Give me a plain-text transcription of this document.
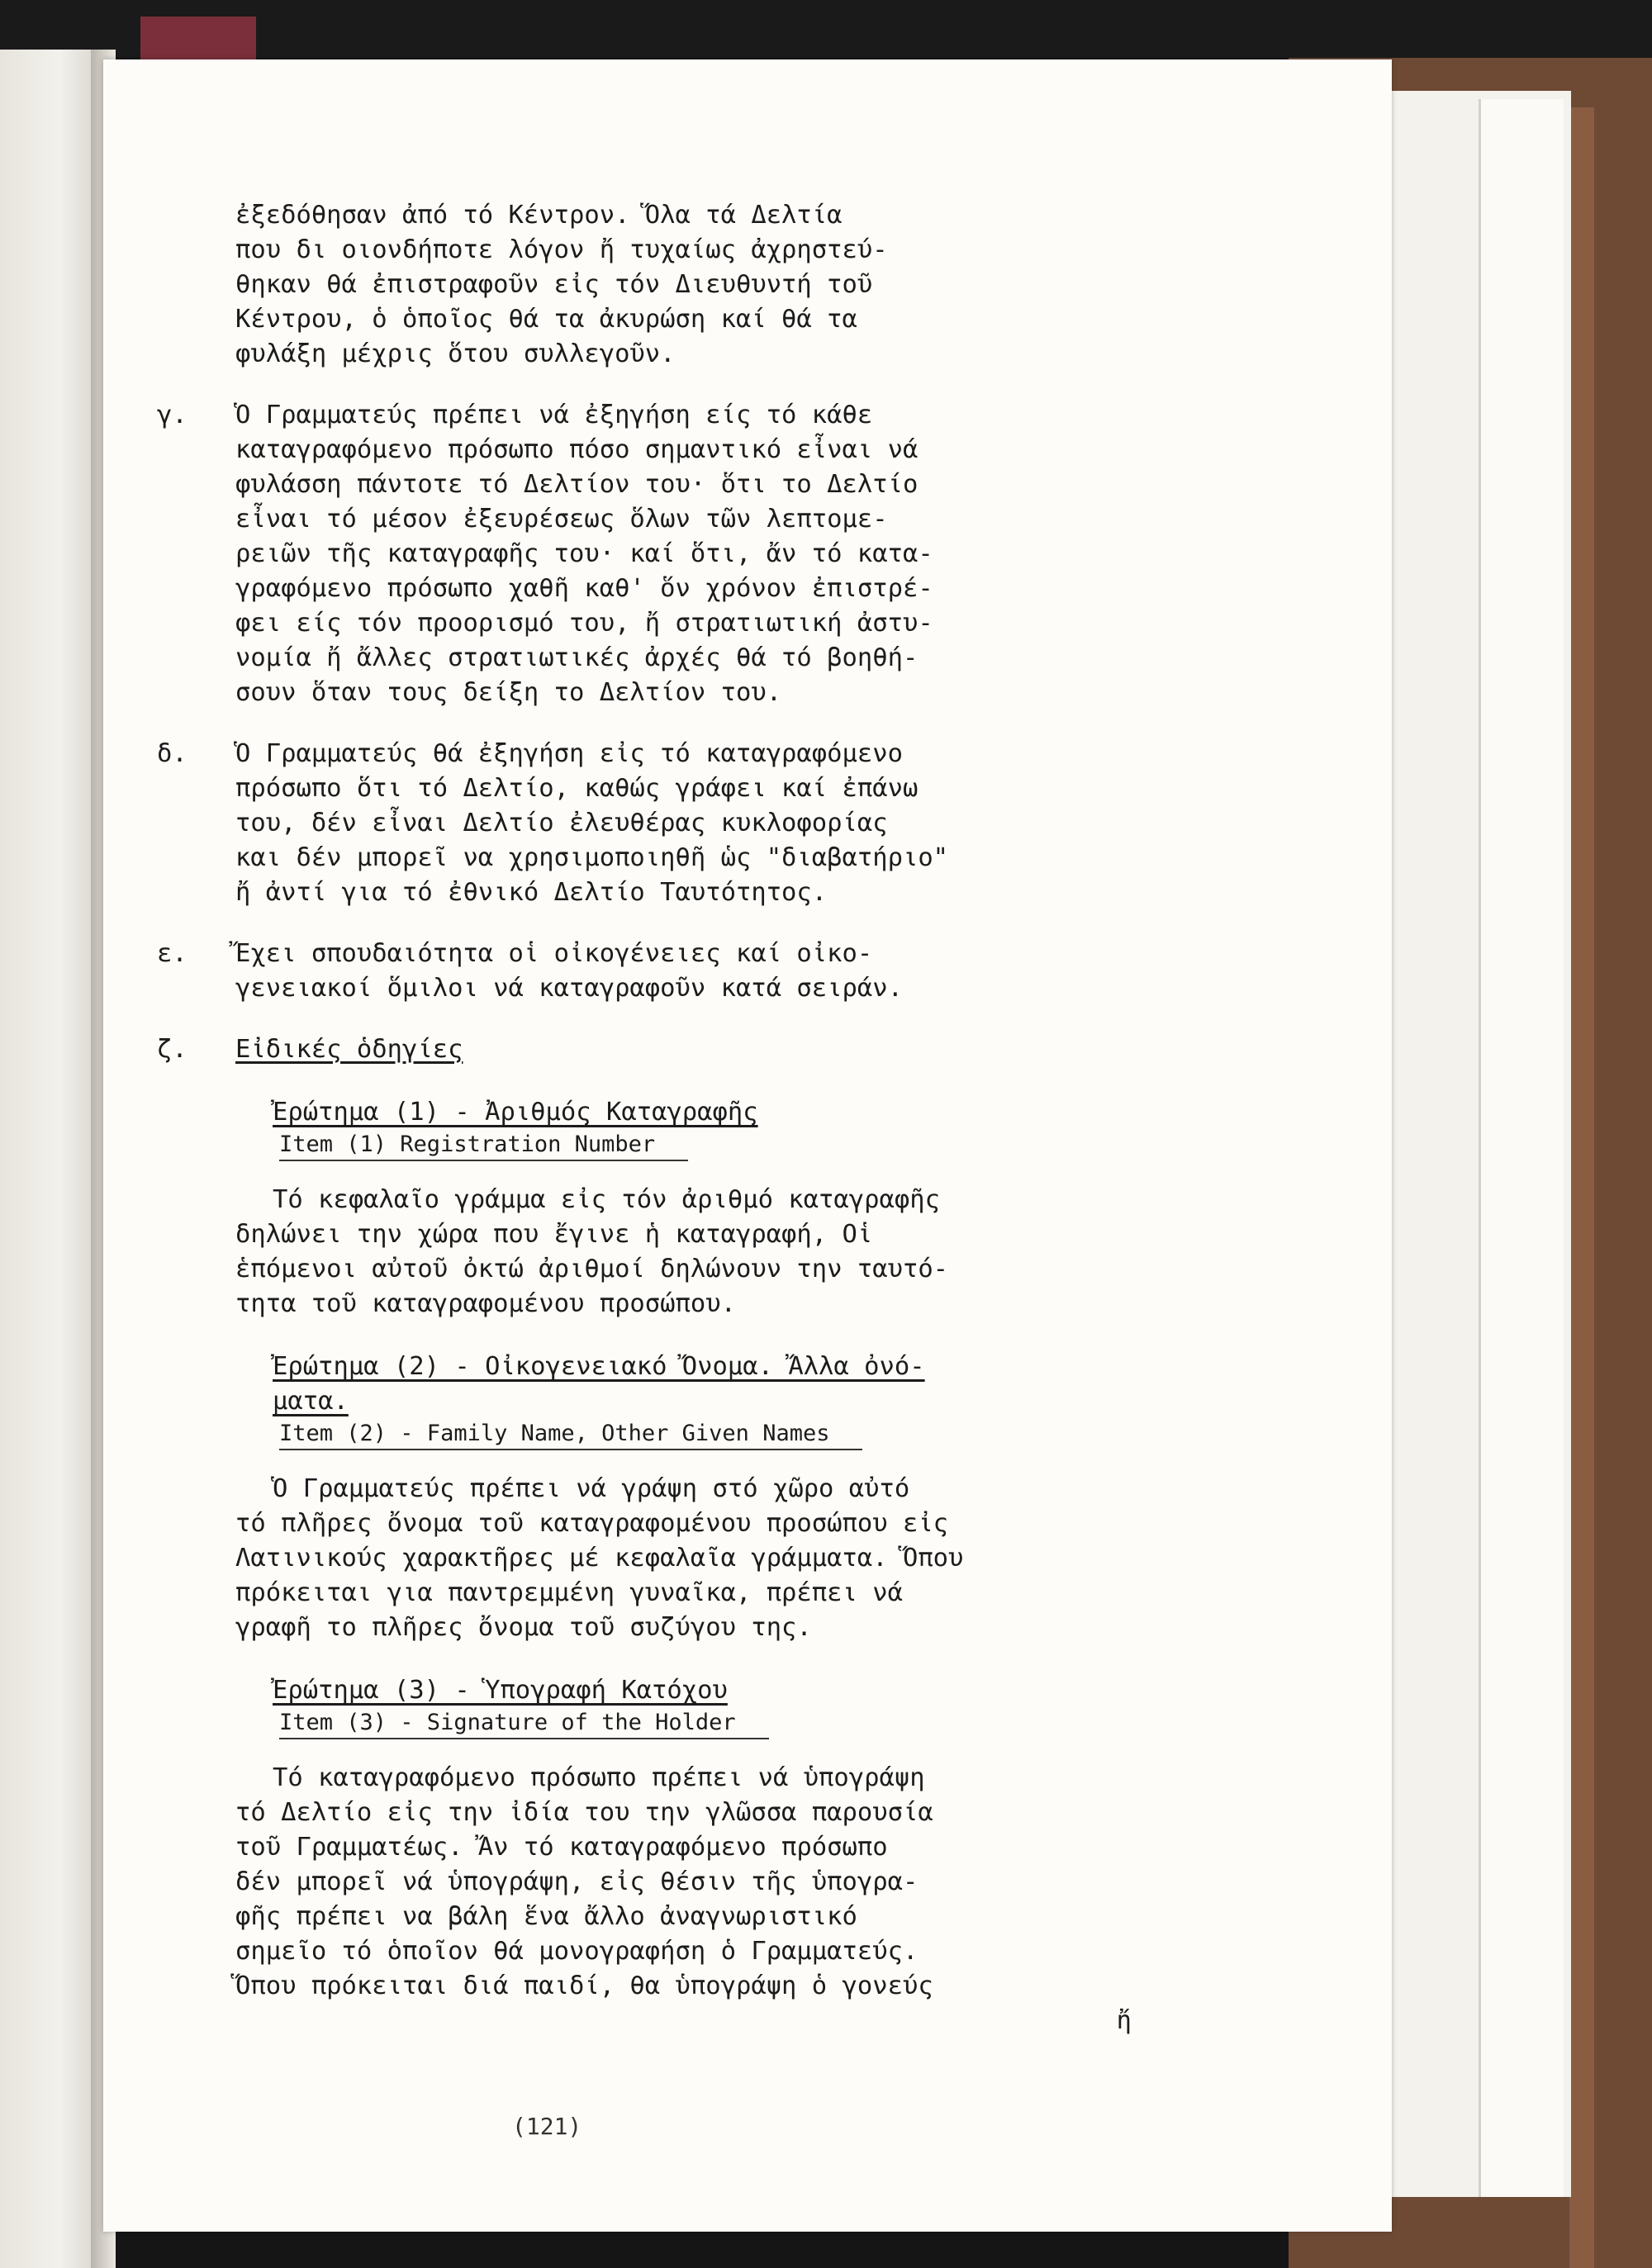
ἐξεδόθησαν ἀπό τό Κέντρον. Ὅλα τά Δελτία
που δι οιονδήποτε λόγον ἤ τυχαίως ἀχρηστεύ-
θηκαν θά ἐπιστραφοῦν εἰς τόν Διευθυντή τοῦ
Κέντρου, ὁ ὁποῖος θά τα ἀκυρώση καί θά τα
φυλάξη μέχρις ὅτου συλλεγοῦν.
γ. Ὁ Γραμματεύς πρέπει νά ἐξηγήση είς τό κάθε
καταγραφόμενο πρόσωπο πόσο σημαντικό εἶναι νά
φυλάσση πάντοτε τό Δελτίον του· ὅτι το Δελτίο
εἶναι τό μέσον ἐξευρέσεως ὅλων τῶν λεπτομε-
ρειῶν τῆς καταγραφῆς του· καί ὅτι, ἄν τό κατα-
γραφόμενο πρόσωπο χαθῆ καθ' ὅν χρόνον ἐπιστρέ-
φει είς τόν προορισμό του, ἤ στρατιωτική ἀστυ-
νομία ἤ ἄλλες στρατιωτικές ἀρχές θά τό βοηθή-
σουν ὅταν τους δείξη το Δελτίον του.
δ. Ὁ Γραμματεύς θά ἐξηγήση εἰς τό καταγραφόμενο
πρόσωπο ὅτι τό Δελτίο, καθώς γράφει καί ἐπάνω
του, δέν εἶναι Δελτίο ἐλευθέρας κυκλοφορίας
και δέν μπορεῖ να χρησιμοποιηθῆ ὡς "διαβατήριο"
ἤ ἀντί για τό ἐθνικό Δελτίο Ταυτότητος.
ε. Ἔχει σπουδαιότητα οἱ οἰκογένειες καί οἰκο-
γενειακοί ὅμιλοι νά καταγραφοῦν κατά σειράν.
ζ. Εἰδικές ὁδηγίες
Ἐρώτημα (1) - Ἀριθμός Καταγραφῆς
Item (1) Registration Number
Τό κεφαλαῖο γράμμα εἰς τόν ἀριθμό καταγραφῆς
δηλώνει την χώρα που ἔγινε ἡ καταγραφή, Οἱ
ἑπόμενοι αὐτοῦ ὀκτώ ἀριθμοί δηλώνουν την ταυτό-
τητα τοῦ καταγραφομένου προσώπου.
Ἐρώτημα (2) - Οἰκογενειακό Ὄνομα. Ἄλλα ὀνό-
ματα.
Item (2) - Family Name, Other Given Names
Ὁ Γραμματεύς πρέπει νά γράψη στό χῶρο αὐτό
τό πλῆρες ὄνομα τοῦ καταγραφομένου προσώπου εἰς
Λατινικούς χαρακτῆρες μέ κεφαλαῖα γράμματα. Ὅπου
πρόκειται για παντρεμμένη γυναῖκα, πρέπει νά
γραφῆ το πλῆρες ὄνομα τοῦ συζύγου της.
Ἐρώτημα (3) - Ὑπογραφή Κατόχου
Item (3) - Signature of the Holder
Τό καταγραφόμενο πρόσωπο πρέπει νά ὑπογράψη
τό Δελτίο εἰς την ἰδία του την γλῶσσα παρουσία
τοῦ Γραμματέως. Ἄν τό καταγραφόμενο πρόσωπο
δέν μπορεῖ νά ὑπογράψη, εἰς θέσιν τῆς ὑπογρα-
φῆς πρέπει να βάλη ἕνα ἄλλο ἀναγνωριστικό
σημεῖο τό ὁποῖον θά μονογραφήση ὁ Γραμματεύς.
Ὅπου πρόκειται διά παιδί, θα ὑπογράψη ὁ γονεύς
ἤ
(121)
